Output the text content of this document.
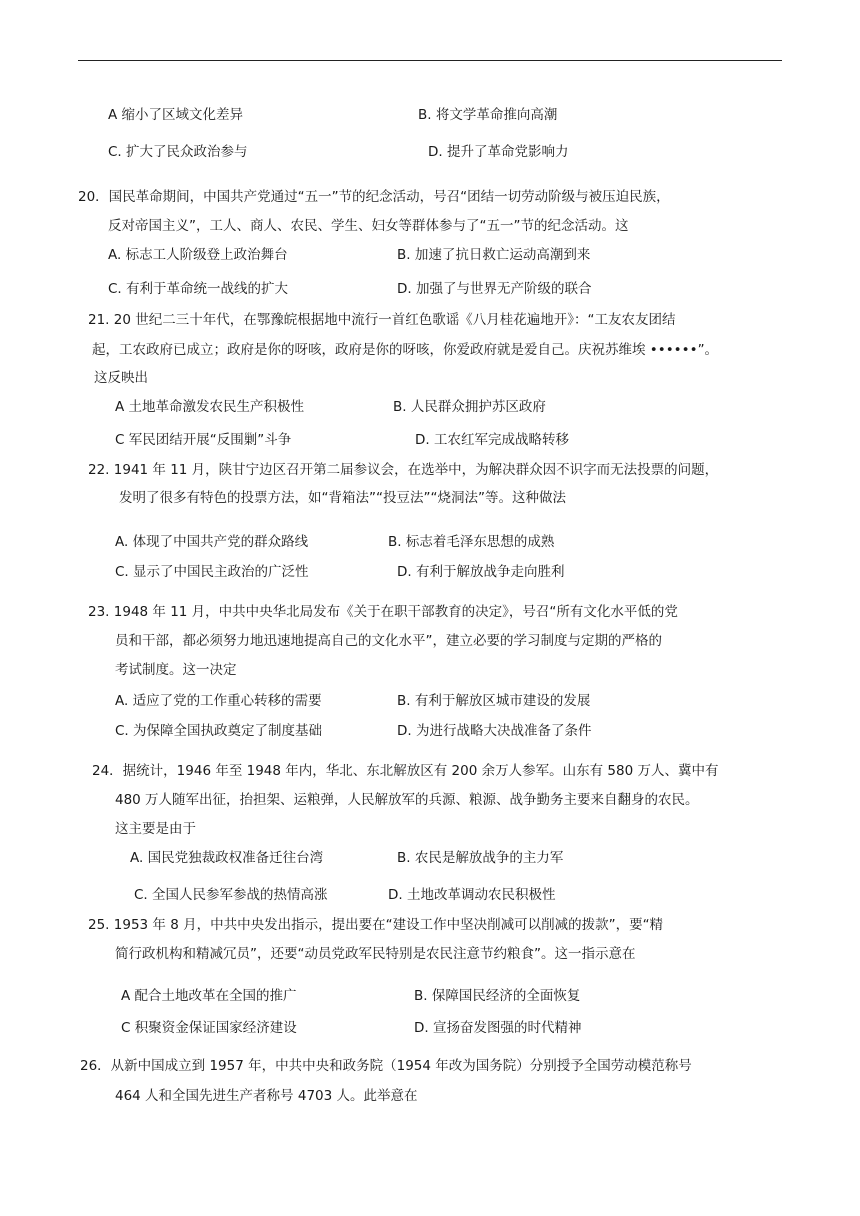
A 缩小了区域文化差异	B. 将文学革命推向高潮
C. 扩大了民众政治参与	D. 提升了革命党影响力
20．国民革命期间，中国共产党通过“五一”节的纪念活动，号召“团结一切劳动阶级与被压迫民族，
反对帝国主义”，工人、商人、农民、学生、妇女等群体参与了“五一”节的纪念活动。这
A. 标志工人阶级登上政治舞台	B. 加速了抗日救亡运动高潮到来
C. 有利于革命统一战线的扩大	D. 加强了与世界无产阶级的联合
21. 20 世纪二三十年代，在鄂豫皖根据地中流行一首红色歌谣《八月桂花遍地开》：“工友农友团结
起，工农政府已成立；政府是你的呀咳，政府是你的呀咳，你爱政府就是爱自己。庆祝苏维埃 ••••••”。
这反映出
A 土地革命激发农民生产积极性	B. 人民群众拥护苏区政府
C 军民团结开展“反围剿”斗争	D. 工农红军完成战略转移
22. 1941 年 11 月，陕甘宁边区召开第二届参议会，在选举中，为解决群众因不识字而无法投票的问题，
发明了很多有特色的投票方法，如“背箱法”“投豆法”“烧洞法”等。这种做法
A. 体现了中国共产党的群众路线	B. 标志着毛泽东思想的成熟
C. 显示了中国民主政治的广泛性	D. 有利于解放战争走向胜利
23. 1948 年 11 月，中共中央华北局发布《关于在职干部教育的决定》，号召“所有文化水平低的党
员和干部，都必须努力地迅速地提高自己的文化水平”，建立必要的学习制度与定期的严格的
考试制度。这一决定
A. 适应了党的工作重心转移的需要	B. 有利于解放区城市建设的发展
C. 为保障全国执政奠定了制度基础	D. 为进行战略大决战准备了条件
24．据统计，1946 年至 1948 年内，华北、东北解放区有 200 余万人参军。山东有 580 万人、冀中有
480 万人随军出征，抬担架、运粮弹，人民解放军的兵源、粮源、战争勤务主要来自翻身的农民。
这主要是由于
A. 国民党独裁政权准备迁往台湾	B. 农民是解放战争的主力军
C. 全国人民参军参战的热情高涨	D. 土地改革调动农民积极性
25. 1953 年 8 月，中共中央发出指示，提出要在“建设工作中坚决削减可以削减的拨款”，要“精
简行政机构和精减冗员”，还要“动员党政军民特别是农民注意节约粮食”。这一指示意在
A 配合土地改革在全国的推广	B. 保障国民经济的全面恢复
C 积聚资金保证国家经济建设	D. 宣扬奋发图强的时代精神
26．从新中国成立到 1957 年，中共中央和政务院（1954 年改为国务院）分别授予全国劳动模范称号
464 人和全国先进生产者称号 4703 人。此举意在
